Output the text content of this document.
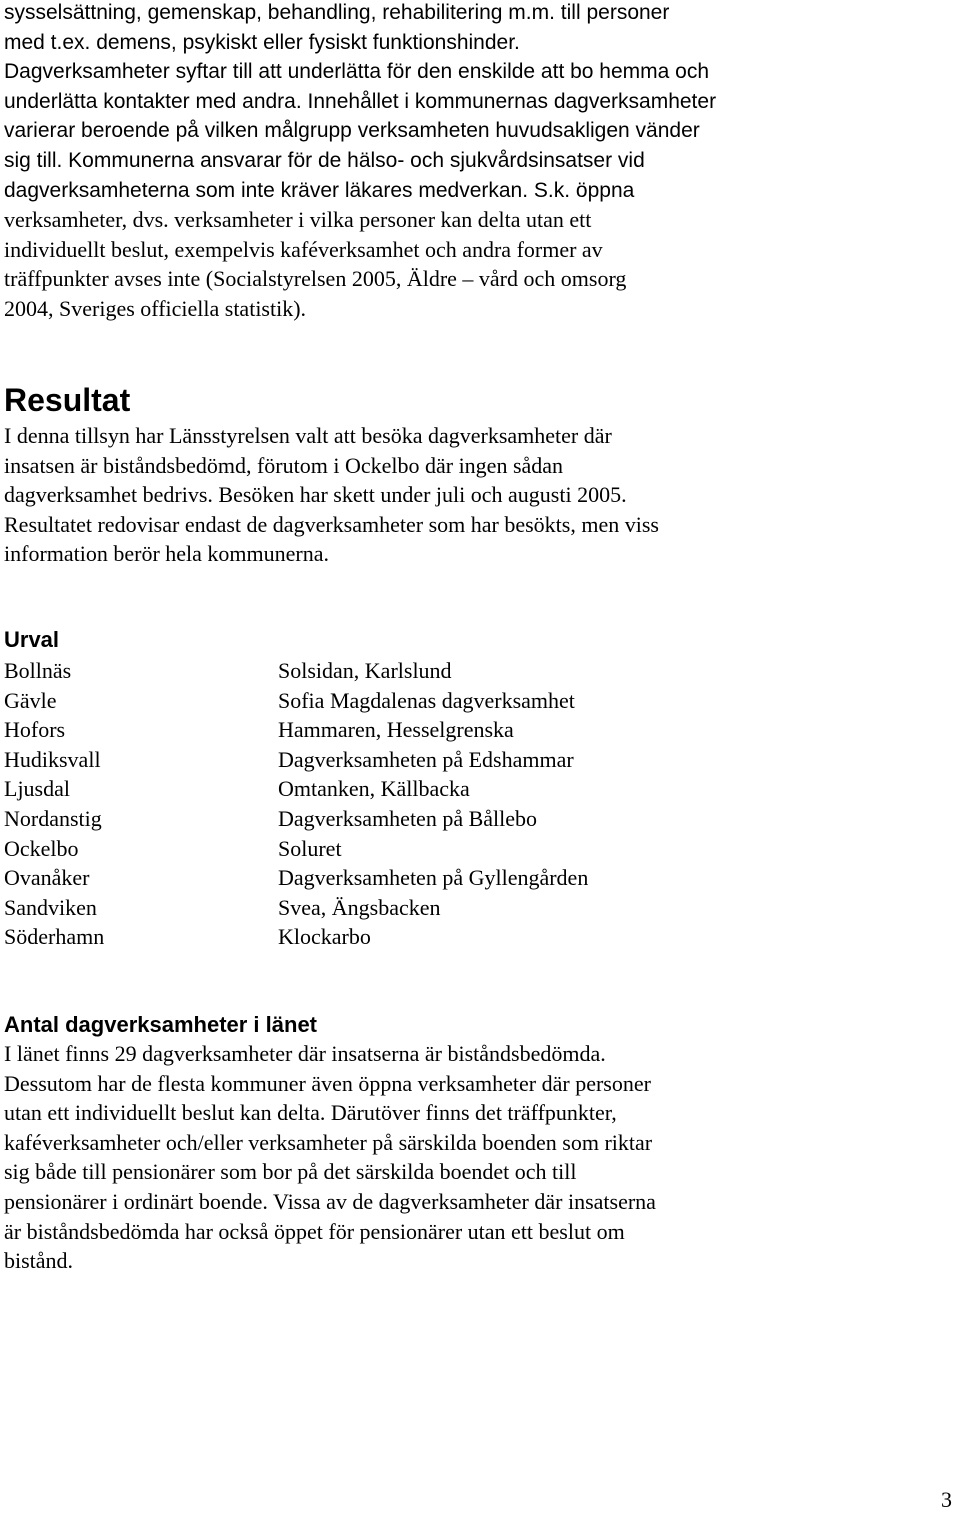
sysselsättning, gemenskap, behandling, rehabilitering m.m. till personer
med t.ex. demens, psykiskt eller fysiskt funktionshinder.
Dagverksamheter syftar till att underlätta för den enskilde att bo hemma och
underlätta kontakter med andra. Innehållet i kommunernas dagverksamheter
varierar beroende på vilken målgrupp verksamheten huvudsakligen vänder
sig till. Kommunerna ansvarar för de hälso- och sjukvårdsinsatser vid
dagverksamheterna som inte kräver läkares medverkan. S.k. öppna
verksamheter, dvs. verksamheter i vilka personer kan delta utan ett
individuellt beslut, exempelvis kaféverksamhet och andra former av
träffpunkter avses inte (Socialstyrelsen 2005, Äldre – vård och omsorg
2004, Sveriges officiella statistik).
Resultat
I denna tillsyn har Länsstyrelsen valt att besöka dagverksamheter där
insatsen är biståndsbedömd, förutom i Ockelbo där ingen sådan
dagverksamhet bedrivs. Besöken har skett under juli och augusti 2005.
Resultatet redovisar endast de dagverksamheter som har besökts, men viss
information berör hela kommunerna.
Urval
Bollnäs	Solsidan, Karlslund
Gävle	Sofia Magdalenas dagverksamhet
Hofors	Hammaren, Hesselgrenska
Hudiksvall	Dagverksamheten på Edshammar
Ljusdal	Omtanken, Källbacka
Nordanstig	Dagverksamheten på Bållebo
Ockelbo	Soluret
Ovanåker	Dagverksamheten på Gyllengården
Sandviken	Svea, Ängsbacken
Söderhamn	Klockarbo
Antal dagverksamheter i länet
I länet finns 29 dagverksamheter där insatserna är biståndsbedömda.
Dessutom har de flesta kommuner även öppna verksamheter där personer
utan ett individuellt beslut kan delta. Därutöver finns det träffpunkter,
kaféverksamheter och/eller verksamheter på särskilda boenden som riktar
sig både till pensionärer som bor på det särskilda boendet och till
pensionärer i ordinärt boende. Vissa av de dagverksamheter där insatserna
är biståndsbedömda har också öppet för pensionärer utan ett beslut om
bistånd.
3
